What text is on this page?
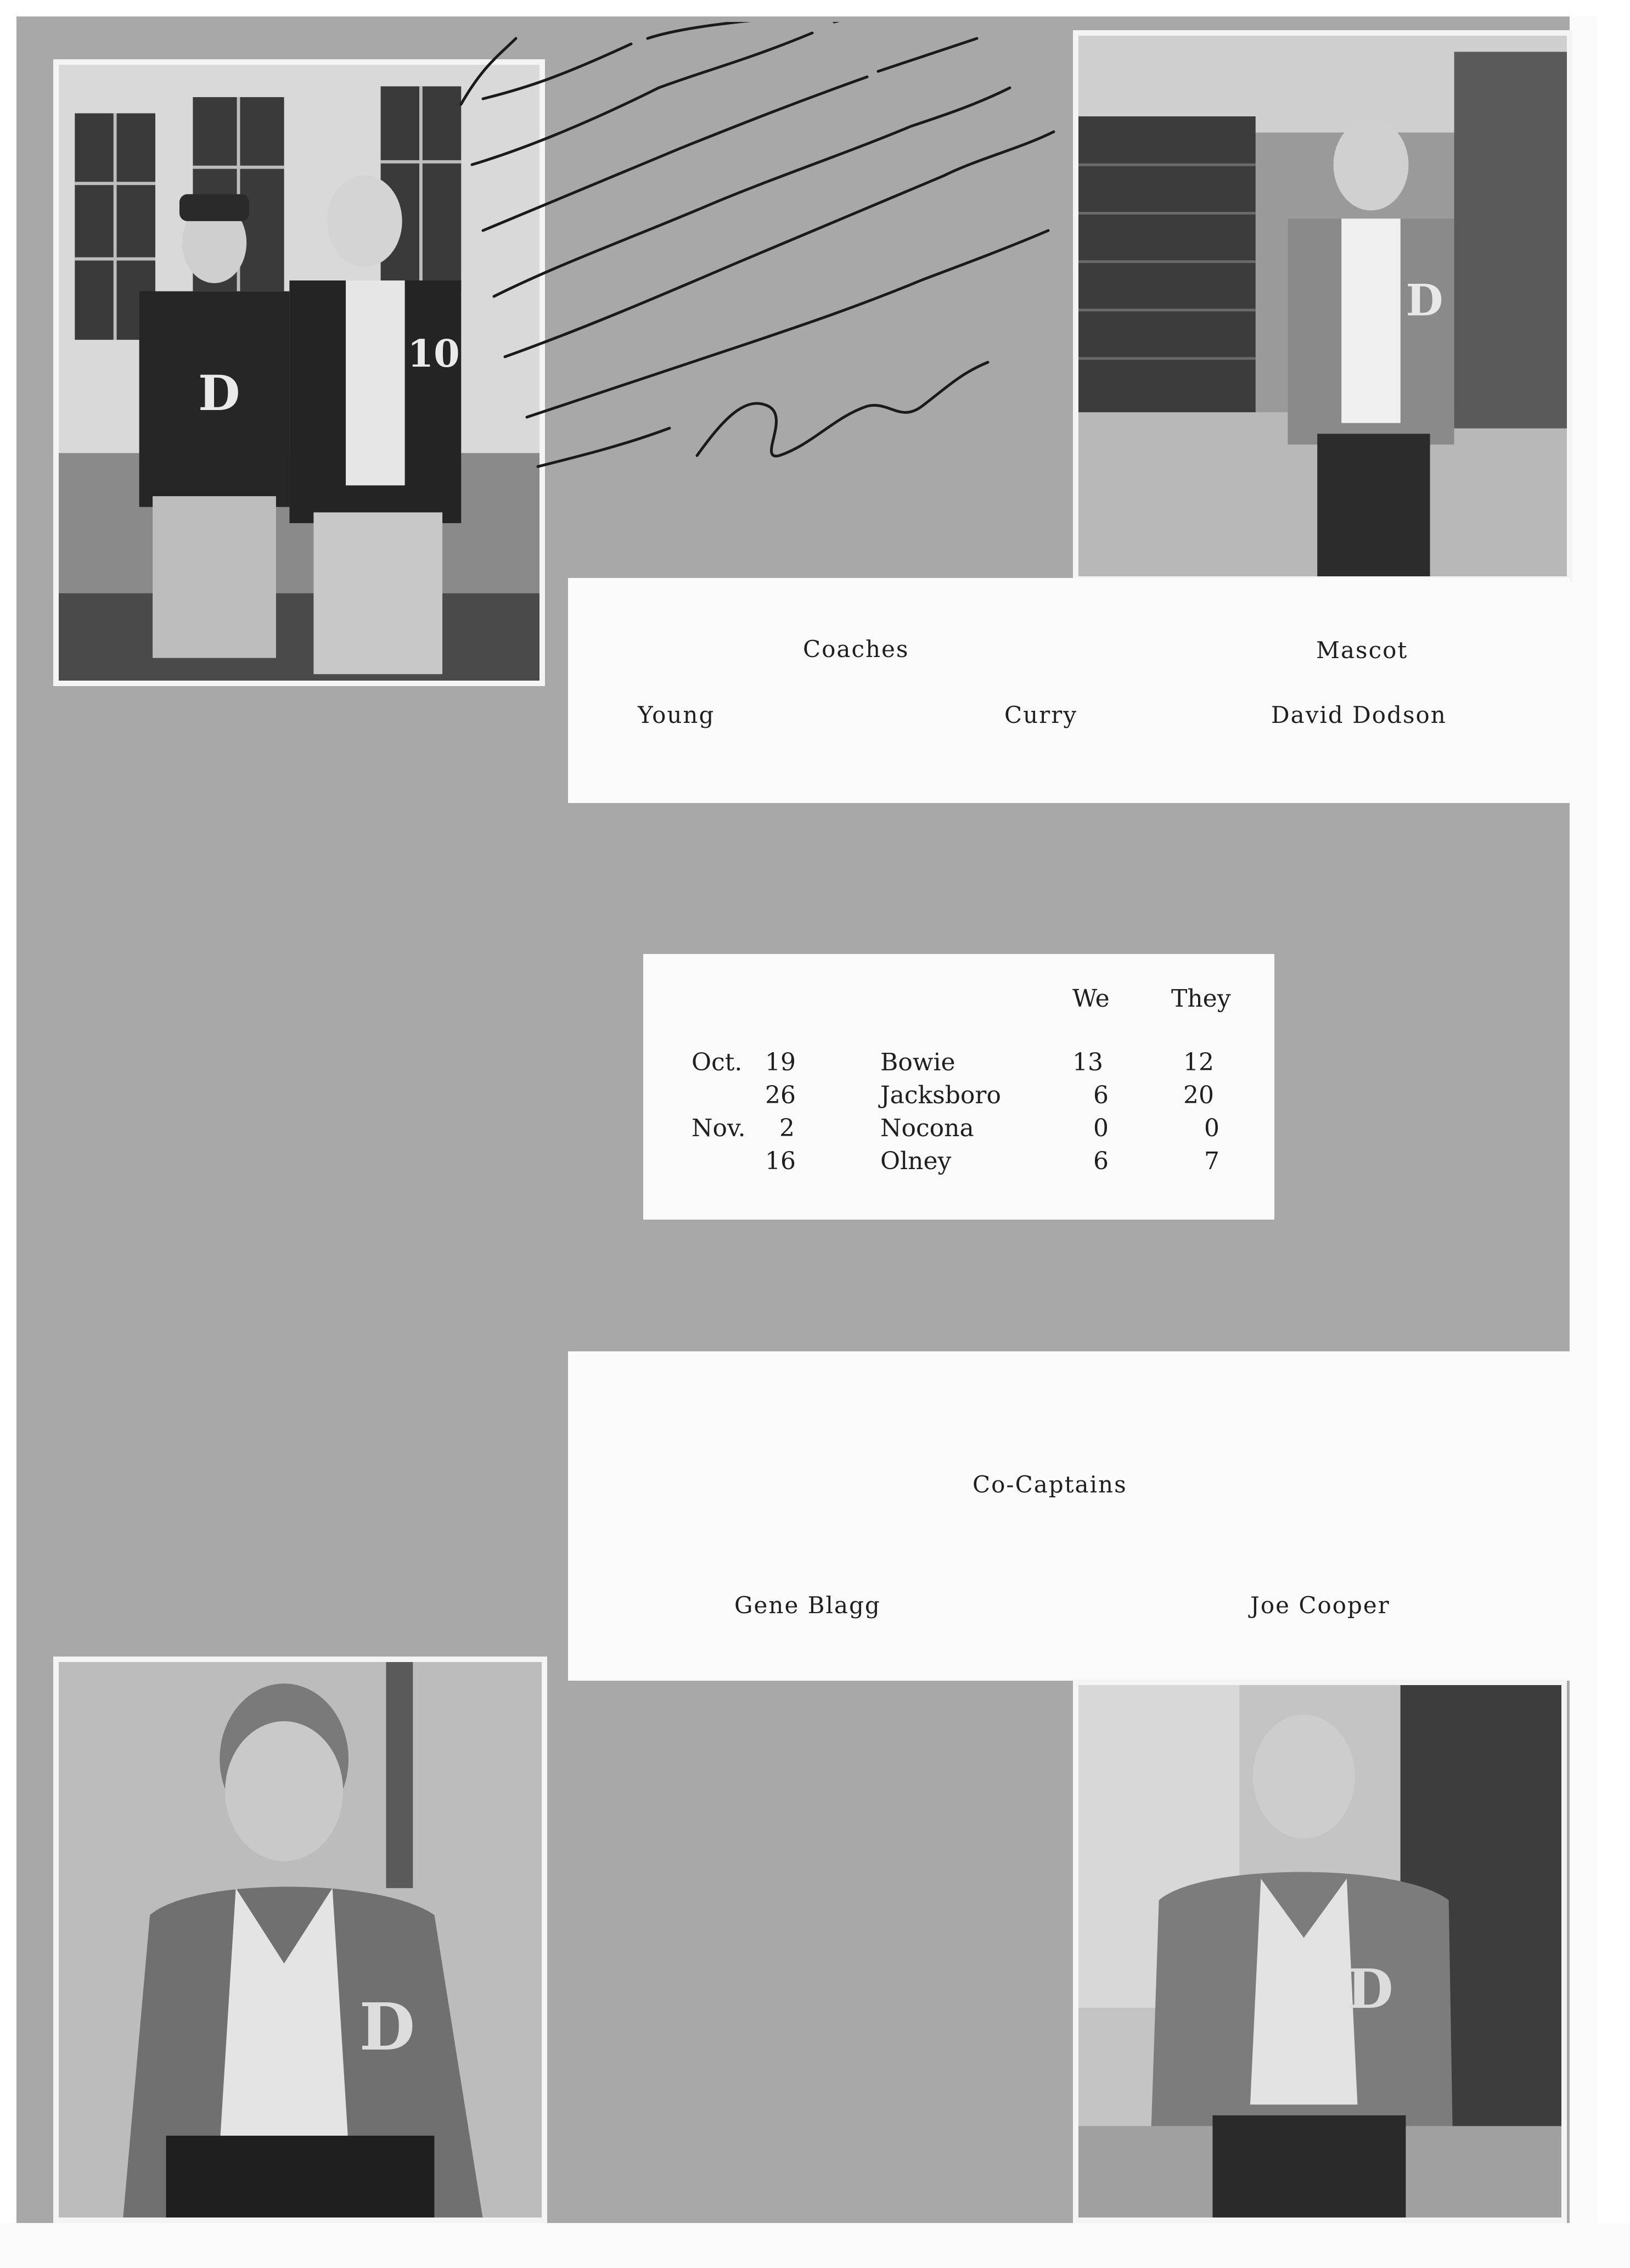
D
10
D
Coaches	Mascot
Young	Curry	David Dodson
We	They
Oct. 19	Bowie	13	12
26	Jacksboro	6	20
Nov. 2	Nocona	0	0
16	Olney	6	7
Co-Captains
Gene Blagg	Joe Cooper
D	D
